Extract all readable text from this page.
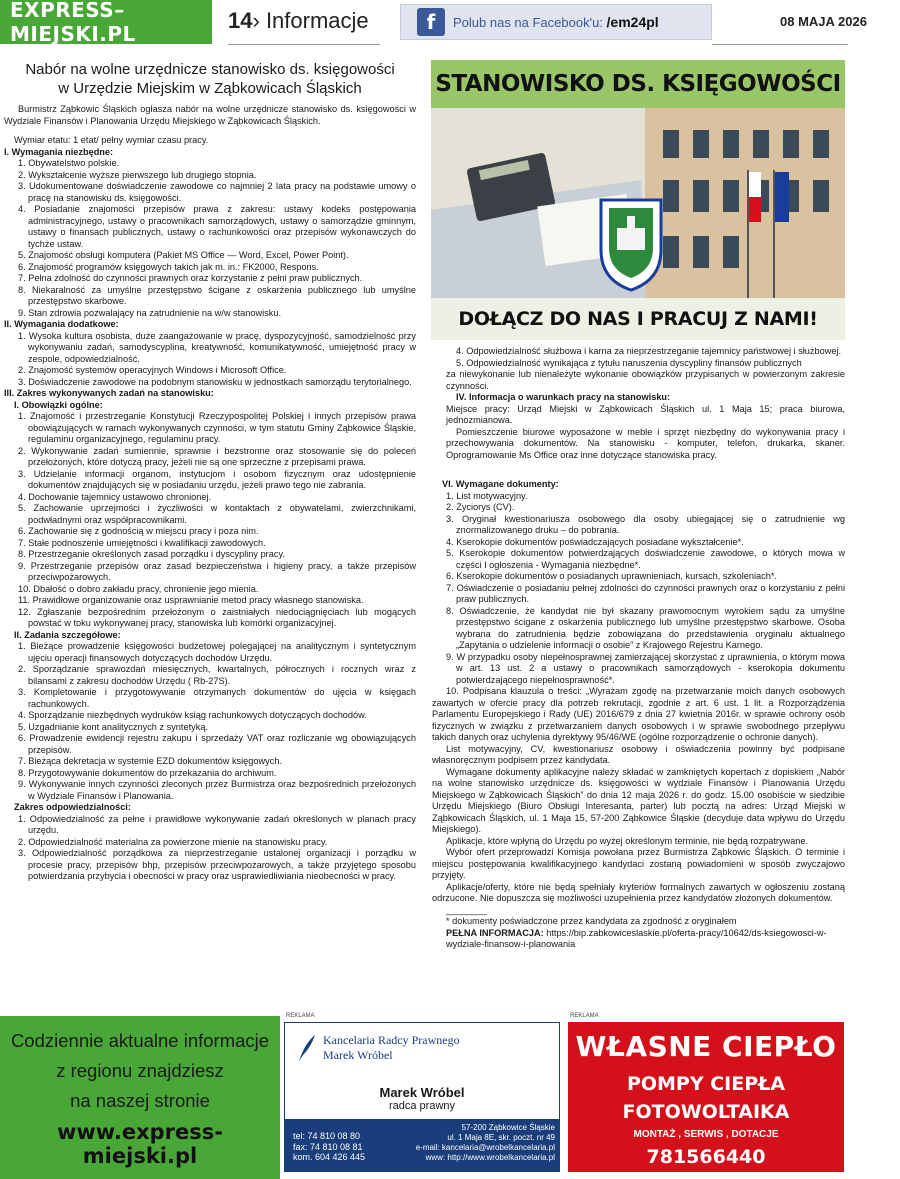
EXPRESS–MIEJSKI.PL
14› Informacje	f	Polub nas na Facebook'u: /em24pl	08 MAJA 2026
Nabór na wolne urzędnicze stanowisko ds. księgowości
w Urzędzie Miejskim w Ząbkowicach Śląskich

Burmistrz Ząbkowic Śląskich ogłasza nabór na wolne urzędnicze stanowisko ds. księgowości w Wydziale Finansów i Planowania Urzędu Miejskiego w Ząbkowicach Śląskich.

Wymiar etatu: 1 etat/ pełny wymiar czasu pracy.

I. Wymagania niezbędne:

1. Obywatelstwo polskie.

2. Wykształcenie wyższe pierwszego lub drugiego stopnia.

3. Udokumentowane doświadczenie zawodowe co najmniej 2 lata pracy na podstawie umowy o pracę na stanowisku ds. księgowości.

4. Posiadanie znajomości przepisów prawa z zakresu: ustawy kodeks postępowania administracyjnego, ustawy o pracownikach samorządowych, ustawy o samorządzie gminnym, ustawy o finansach publicznych, ustawy o rachunkowości oraz przepisów wykonawczych do tychże ustaw.

5. Znajomość obsługi komputera (Pakiet MS Office — Word, Excel, Power Point).

6. Znajomość programów księgowych takich jak m. in.: FK2000, Respons.

7. Pełna zdolność do czynności prawnych oraz korzystanie z pełni praw publicznych.

8. Niekaralność za umyślne przestępstwo ścigane z oskarżenia publicznego lub umyślne przestępstwo skarbowe.

9. Stan zdrowia pozwalający na zatrudnienie na w/w stanowisku.

II. Wymagania dodatkowe:

1. Wysoka kultura osobista, duże zaangażowanie w pracę, dyspozycyjność, samodzielność przy wykonywaniu zadań, samodyscyplina, kreatywność, komunikatywność, umiejętność pracy w zespole, odpowiedzialność.

2. Znajomość systemów operacyjnych Windows i Microsoft Office.

3. Doświadczenie zawodowe na podobnym stanowisku w jednostkach samorządu terytorialnego.

III. Zakres wykonywanych zadań na stanowisku:

I. Obowiązki ogólne:

1. Znajomość i przestrzeganie Konstytucji Rzeczypospolitej Polskiej i innych przepisów prawa obowiązujących w ramach wykonywanych czynności, w tym statutu Gminy Ząbkowice Śląskie, regulaminu organizacyjnego, regulaminu pracy.

2. Wykonywanie zadań sumiennie, sprawnie i bezstronne oraz stosowanie się do poleceń przełożonych, które dotyczą pracy, jeżeli nie są one sprzeczne z przepisami prawa.

3. Udzielanie informacji organom, instytucjom i osobom fizycznym oraz udostępnienie dokumentów znajdujących się w posiadaniu urzędu, jeżeli prawo tego nie zabrania.

4. Dochowanie tajemnicy ustawowo chronionej.

5. Zachowanie uprzejmości i życzliwości w kontaktach z obywatelami, zwierzchnikami, podwładnymi oraz współpracownikami.

6. Zachowanie się z godnością w miejscu pracy i poza nim.

7. Stałe podnoszenie umiejętności i kwalifikacji zawodowych.

8. Przestrzeganie określonych zasad porządku i dyscypliny pracy.

9. Przestrzeganie przepisów oraz zasad bezpieczeństwa i higieny pracy, a także przepisów przeciwpożarowych.

10. Dbałość o dobro zakładu pracy, chronienie jego mienia.

11. Prawidłowe organizowanie oraz usprawnianie metod pracy własnego stanowiska.

12. Zgłaszanie bezpośrednim przełożonym o zaistniałych niedociągnięciach lub mogących powstać w toku wykonywanej pracy, stanowiska lub komórki organizacyjnej.

II. Zadania szczegółowe:

1. Bieżące prowadzenie księgowości budżetowej polegającej na analitycznym i syntetycznym ujęciu operacji finansowych dotyczących dochodów Urzędu.

2. Sporządzanie sprawozdań miesięcznych, kwartalnych, półrocznych i rocznych wraz z bilansami z zakresu dochodów Urzędu ( Rb-27S).

3. Kompletowanie i przygotowywanie otrzymanych dokumentów do ujęcia w księgach rachunkowych.

4. Sporządzanie niezbędnych wydruków ksiąg rachunkowych dotyczących dochodów.

5. Uzgadnianie kont analitycznych z syntetyką.

6. Prowadzenie ewidencji rejestru zakupu i sprzedaży VAT oraz rozliczanie wg obowiązujących przepisów.

7. Bieżąca dekretacja w systemie EZD dokumentów księgowych.

8. Przygotowywanie dokumentów do przekazania do archiwum.

9. Wykonywanie innych czynności zleconych przez Burmistrza oraz bezpośrednich przełożonych w Wydziale Finansów i Planowania.

Zakres odpowiedzialności:

1. Odpowiedzialność za pełne i prawidłowe wykonywanie zadań określonych w planach pracy urzędu.

2. Odpowiedzialność materialna za powierzone mienie na stanowisku pracy.

3. Odpowiedzialność porządkowa za nieprzestrzeganie ustalonej organizacji i porządku w procesie pracy, przepisów bhp, przepisów przeciwpożarowych, a także przyjętego sposobu potwierdzania przybycia i obecności w pracy oraz usprawiedliwiania nieobecności w pracy.

STANOWISKO DS. KSIĘGOWOŚCI
DOŁĄCZ DO NAS I PRACUJ Z NAMI!

4. Odpowiedzialność służbowa i karna za nieprzestrzeganie tajemnicy państwowej i służbowej.

5. Odpowiedzialność wynikająca z tytułu naruszenia dyscypliny finansów publicznych

za niewykonanie lub nienależyte wykonanie obowiązków przypisanych w powierzonym zakresie czynności.

IV. Informacja o warunkach pracy na stanowisku:

Miejsce pracy: Urząd Miejski w Ząbkowicach Śląskich ul. 1 Maja 15; praca biurowa, jednozmianowa.

Pomieszczenie biurowe wyposażone w meble i sprzęt niezbędny do wykonywania pracy i przechowywania dokumentów. Na stanowisku - komputer, telefon, drukarka, skaner. Oprogramowanie Ms Office oraz inne dotyczące stanowiska pracy.

VI. Wymagane dokumenty:

1. List motywacyjny.

2. Życiorys (CV).

3. Oryginał kwestionariusza osobowego dla osoby ubiegającej się o zatrudnienie wg znormalizowanego druku – do pobrania.

4. Kserokopie dokumentów poświadczających posiadane wykształcenie*.

5. Kserokopie dokumentów potwierdzających doświadczenie zawodowe, o których mowa w części I ogłoszenia - Wymagania niezbędne*.

6. Kserokopie dokumentów o posiadanych uprawnieniach, kursach, szkoleniach*.

7. Oświadczenie o posiadaniu pełnej zdolności do czynności prawnych oraz o korzystaniu z pełni praw publicznych.

8. Oświadczenie, że kandydat nie był skazany prawomocnym wyrokiem sądu za umyślne przestępstwo ścigane z oskarżenia publicznego lub umyślne przestępstwo skarbowe. Osoba wybrana do zatrudnienia będzie zobowiązana do przedstawienia oryginału aktualnego „Zapytania o udzielenie informacji o osobie” z Krajowego Rejestru Karnego.

9. W przypadku osoby niepełnosprawnej zamierzającej skorzystać z uprawnienia, o którym mowa w art. 13 ust. 2 a ustawy o pracownikach samorządowych - kserokopia dokumentu potwierdzającego niepełnosprawność*.

10. Podpisana klauzula o treści: „Wyrażam zgodę na przetwarzanie moich danych osobowych zawartych w ofercie pracy dla potrzeb rekrutacji, zgodnie z art. 6 ust. 1 lit. a Rozporządzenia Parlamentu Europejskiego i Rady (UE) 2016/679 z dnia 27 kwietnia 2016r. w sprawie ochrony osób fizycznych w związku z przetwarzaniem danych osobowych i w sprawie swobodnego przepływu takich danych oraz uchylenia dyrektywy 95/46/WE (ogólne rozporządzenie o ochronie danych).

List motywacyjny, CV, kwestionariusz osobowy i oświadczenia powinny być podpisane własnoręcznym podpisem przez kandydata.

Wymagane dokumenty aplikacyjne należy składać w zamkniętych kopertach z dopiskiem „Nabór na wolne stanowisko urzędnicze ds. księgowości w wydziale Finansów i Planowania Urzędu Miejskiego w Ząbkowicach Śląskich” do dnia 12 maja 2026 r. do godz. 15.00 osobiście w siedzibie Urzędu Miejskiego (Biuro Obsługi Interesanta, parter) lub pocztą na adres: Urząd Miejski w Ząbkowicach Śląskich, ul. 1 Maja 15, 57-200 Ząbkowice Śląskie (decyduje data wpływu do Urzędu Miejskiego).

Aplikacje, które wpłyną do Urzędu po wyżej określonym terminie, nie będą rozpatrywane.

Wybór ofert przeprowadzi Komisja powołana przez Burmistrza Ząbkowic Śląskich. O terminie i miejscu postępowania kwalifikacyjnego kandydaci zostaną powiadomieni w sposób zwyczajowo przyjęty.

Aplikacje/oferty, które nie będą spełniały kryteriów formalnych zawartych w ogłoszeniu zostaną odrzucone. Nie dopuszcza się możliwości uzupełnienia przez kandydatów złożonych dokumentów.

________

* dokumenty poświadczone przez kandydata za zgodność z oryginałem

PEŁNA INFORMACJA: https://bip.zabkowiceslaskie.pl/oferta-pracy/10642/ds-ksiegowosci-w-wydziale-finansow-i-planowania

Codziennie aktualne informacje
z regionu znajdziesz
na naszej stronie
www.express-miejski.pl
REKLAMA
Kancelaria Radcy Prawnego
Marek Wróbel
Marek Wróbel
radca prawny
tel: 74 810 08 80
fax: 74 810 08 81
kom. 604 426 445
57-200 Ząbkowice Śląskie
ul. 1 Maja 8E, skr. poczt. nr 49
e-mail: kancelaria@wrobelkancelaria.pl
www: http://www.wrobelkancelaria.pl
REKLAMA
WŁASNE CIEPŁO
POMPY CIEPŁA
FOTOWOLTAIKA
MONTAŻ , SERWIS , DOTACJE
781566440
